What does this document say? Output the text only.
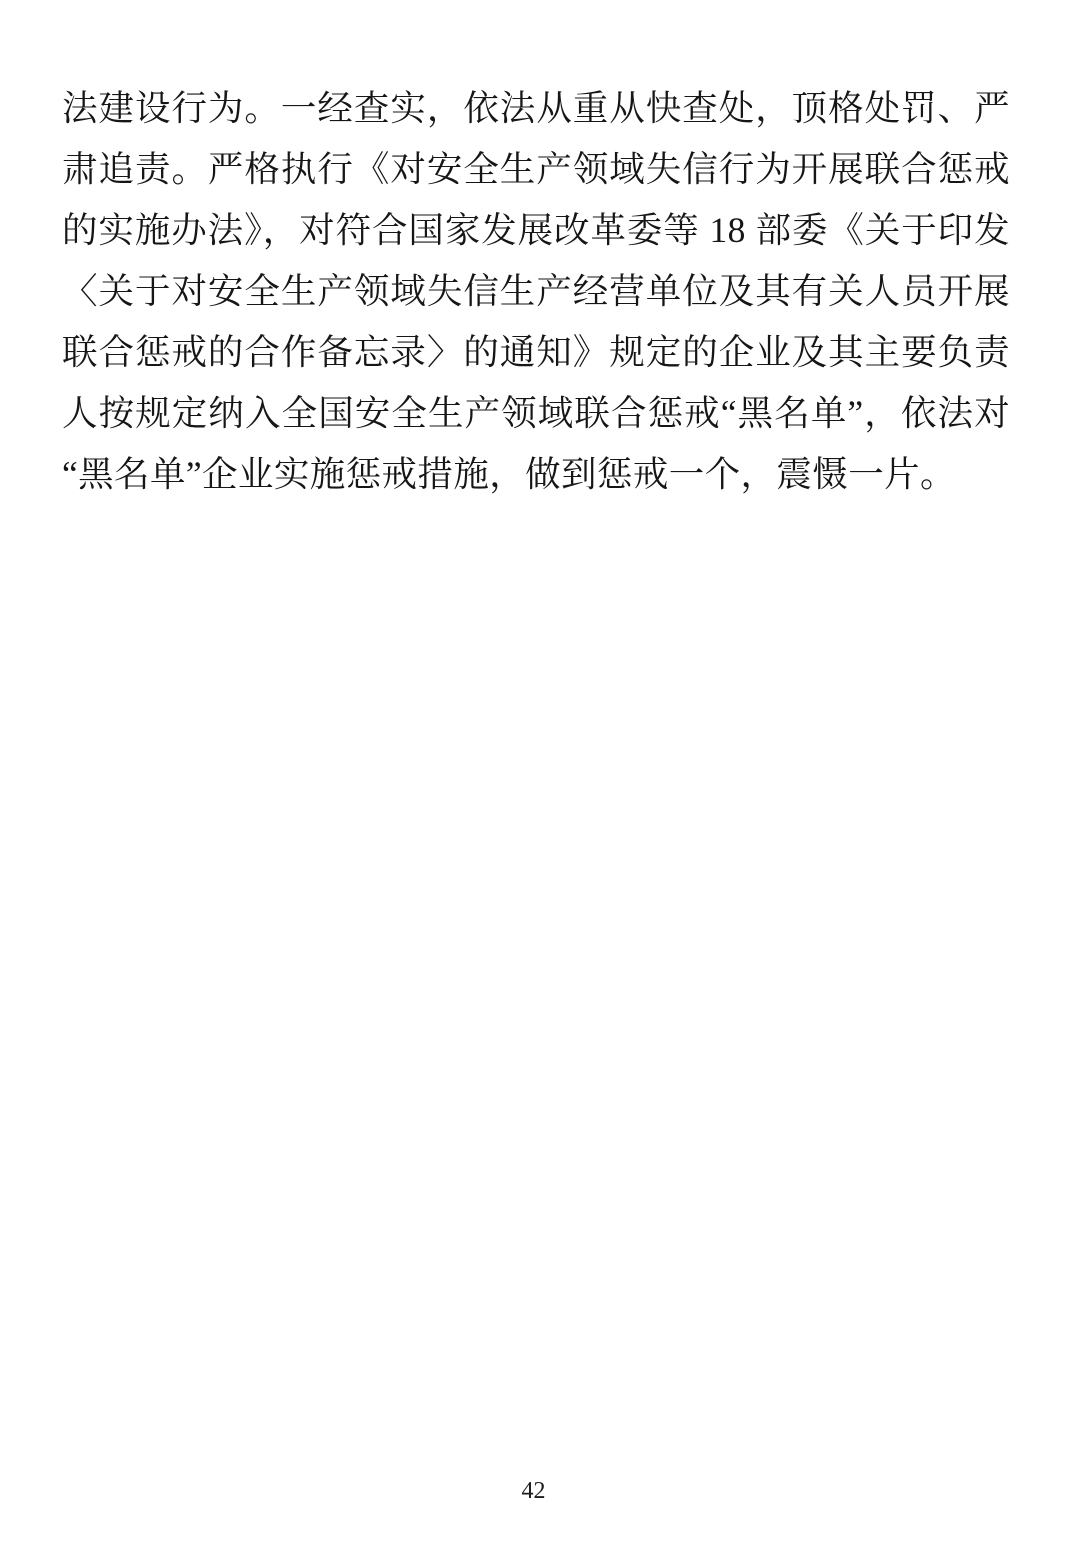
法建设行为。一经查实，依法从重从快查处，顶格处罚、严肃追责。严格执行《对安全生产领域失信行为开展联合惩戒的实施办法》，对符合国家发展改革委等 18 部委《关于印发〈关于对安全生产领域失信生产经营单位及其有关人员开展联合惩戒的合作备忘录〉的通知》规定的企业及其主要负责人按规定纳入全国安全生产领域联合惩戒“黑名单”，依法对“黑名单”企业实施惩戒措施，做到惩戒一个，震慑一片。
42
